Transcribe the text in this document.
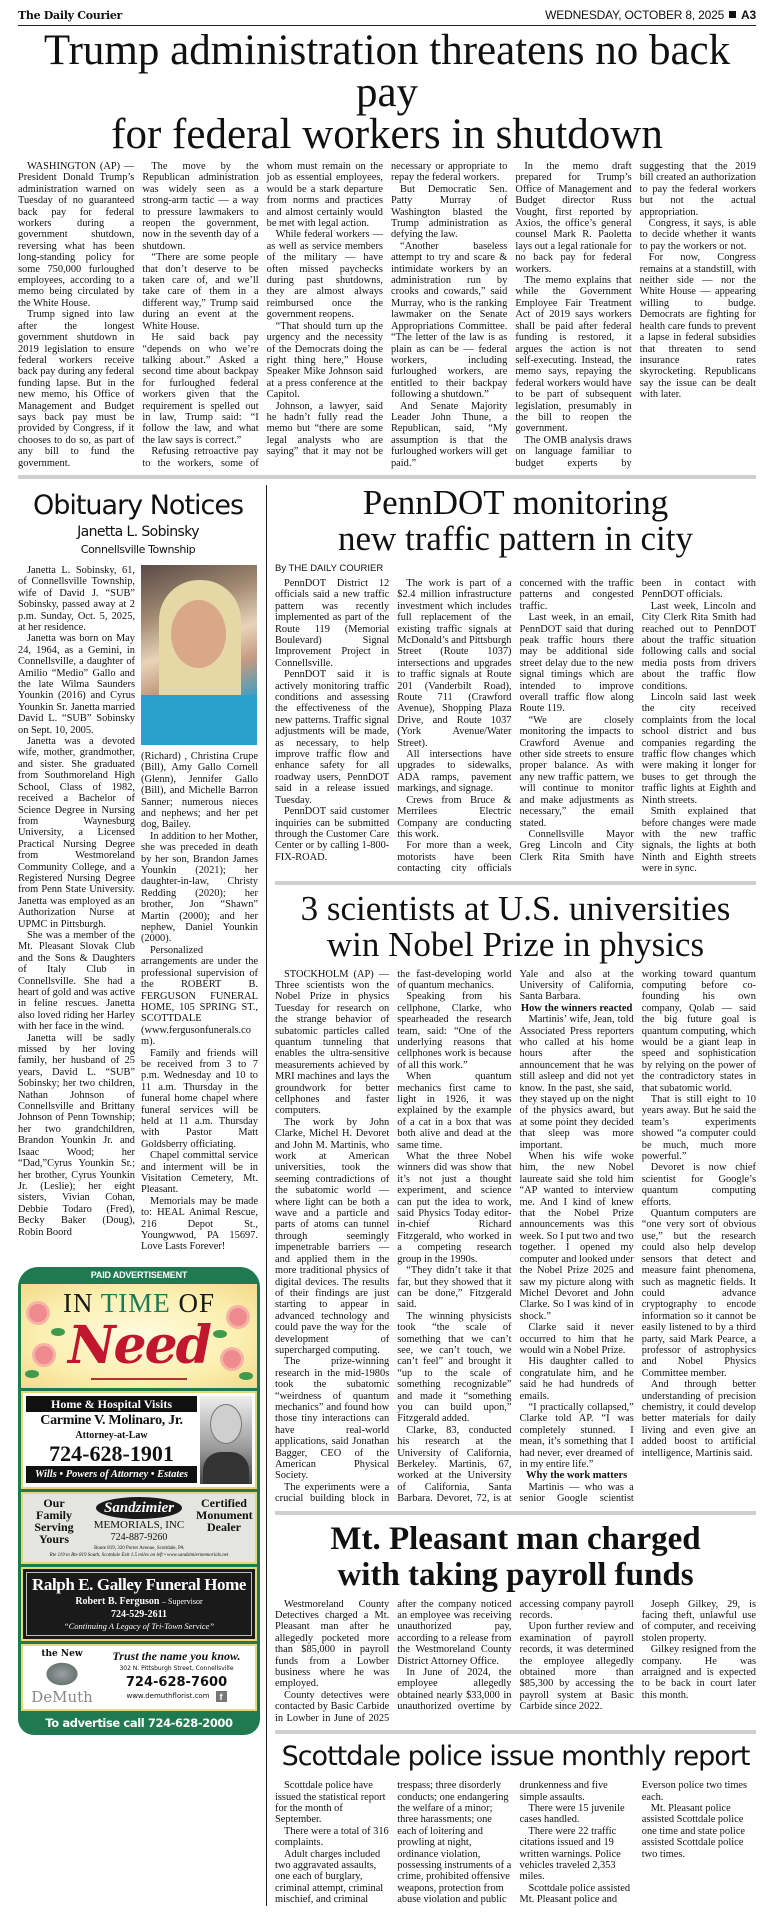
The Daily Courier	WEDNESDAY, OCTOBER 8, 2025 A3
Trump administration threatens no back pay
for federal workers in shutdown

WASHINGTON (AP) — President Donald Trump’s administration warned on Tuesday of no guaranteed back pay for federal workers during a government shutdown, reversing what has been long-standing policy for some 750,000 furloughed employees, according to a memo being circulated by the White House.

Trump signed into law after the longest government shutdown in 2019 legislation to ensure federal workers receive back pay during any federal funding lapse. But in the new memo, his Office of Management and Budget says back pay must be provided by Congress, if it chooses to do so, as part of any bill to fund the government.

The move by the Republican administration was widely seen as a strong-arm tactic — a way to pressure lawmakers to reopen the government, now in the seventh day of a shutdown.

“There are some people that don’t deserve to be taken care of, and we’ll take care of them in a different way,” Trump said during an event at the White House.

He said back pay “depends on who we’re talking about.” Asked a second time about backpay for furloughed federal workers given that the requirement is spelled out in law, Trump said: “I follow the law, and what the law says is correct.”

Refusing retroactive pay to the workers, some of whom must remain on the job as essential employees, would be a stark departure from norms and practices and almost certainly would be met with legal action.

While federal workers — as well as service members of the military — have often missed paychecks during past shutdowns, they are almost always reimbursed once the government reopens.

“That should turn up the urgency and the necessity of the Democrats doing the right thing here,” House Speaker Mike Johnson said at a press conference at the Capitol.

Johnson, a lawyer, said he hadn’t fully read the memo but “there are some legal analysts who are saying” that it may not be necessary or appropriate to repay the federal workers.

But Democratic Sen. Patty Murray of Washington blasted the Trump administration as defying the law.

“Another baseless attempt to try and scare & intimidate workers by an administration run by crooks and cowards,” said Murray, who is the ranking lawmaker on the Senate Appropriations Committee. “The letter of the law is as plain as can be — federal workers, including furloughed workers, are entitled to their backpay following a shutdown.”

And Senate Majority Leader John Thune, a Republican, said, “My assumption is that the furloughed workers will get paid.”

In the memo draft prepared for Trump’s Office of Management and Budget director Russ Vought, first reported by Axios, the office’s general counsel Mark R. Paoletta lays out a legal rationale for no back pay for federal workers.

The memo explains that while the Government Employee Fair Treatment Act of 2019 says workers shall be paid after federal funding is restored, it argues the action is not self-executing. Instead, the memo says, repaying the federal workers would have to be part of subsequent legislation, presumably in the bill to reopen the government.

The OMB analysis draws on language familiar to budget experts by suggesting that the 2019 bill created an authorization to pay the federal workers but not the actual appropriation.

Congress, it says, is able to decide whether it wants to pay the workers or not.

For now, Congress remains at a standstill, with neither side — nor the White House — appearing willing to budge. Democrats are fighting for health care funds to prevent a lapse in federal subsidies that threaten to send insurance rates skyrocketing. Republicans say the issue can be dealt with later.

Obituary Notices
Janetta L. Sobinsky
Connellsville Township

Janetta L. Sobinsky, 61, of Connellsville Township, wife of David J. “SUB” Sobinsky, passed away at 2 p.m. Sunday, Oct. 5, 2025, at her residence.

Janetta was born on May 24, 1964, as a Gemini, in Connellsville, a daughter of Amilio “Medio” Gallo and the late Wilma Saunders Younkin (2016) and Cyrus Younkin Sr. Janetta married David L. “SUB” Sobinsky on Sept. 10, 2005.

Janetta was a devoted wife, mother, grandmother, and sister. She graduated from Southmoreland High School, Class of 1982, received a Bachelor of Science Degree in Nursing from Waynesburg University, a Licensed Practical Nursing Degree from Westmoreland Community College, and a Registered Nursing Degree from Penn State University. Janetta was employed as an Authorization Nurse at UPMC in Pittsburgh.

She was a member of the Mt. Pleasant Slovak Club and the Sons & Daughters of Italy Club in Connellsville. She had a heart of gold and was active in feline rescues. Janetta also loved riding her Harley with her face in the wind.

Janetta will be sadly missed by her loving family, her husband of 25 years, David L. “SUB” Sobinsky; her two children, Nathan Johnson of Connellsville and Brittany Johnson of Penn Township; her two grandchildren, Brandon Younkin Jr. and Isaac Wood; her “Dad,”Cyrus Younkin Sr.; her brother, Cyrus Younkin Jr. (Leslie); her eight sisters, Vivian Cohan, Debbie Todaro (Fred), Becky Baker (Doug), Robin Boord

(Richard) , Christina Crupe (Bill), Amy Gallo Cornell (Glenn), Jennifer Gallo (Bill), and Michelle Barron Sanner; numerous nieces and nephews; and her pet dog, Bailey.

In addition to her Mother, she was preceded in death by her son, Brandon James Younkin (2021); her daughter-in-law, Christy Redding (2020); her brother, Jon “Shawn” Martin (2000); and her nephew, Daniel Younkin (2000).

Personalized arrangements are under the professional supervision of the ROBERT B. FERGUSON FUNERAL HOME, 105 SPRING ST., SCOTTDALE (www.fergusonfunerals.com).

Family and friends will be received from 3 to 7 p.m. Wednesday and 10 to 11 a.m. Thursday in the funeral home chapel where funeral services will be held at 11 a.m. Thursday with Pastor Matt Goldsberry officiating.

Chapel committal service and interment will be in Visitation Cemetery, Mt. Pleasant.

Memorials may be made to: HEAL Animal Rescue, 216 Depot St., Youngwwod, PA 15697. Love Lasts Forever!

PAID ADVERTISEMENT
IN TIME OF
Need
Home & Hospital Visits
Carmine V. Molinaro, Jr.
Attorney-at-Law
724-628-1901
Wills • Powers of Attorney • Estates
Our Family Serving Yours
Sandzimier
MEMORIALS, INC
724-887-9260
Certified Monument Dealer
Route 819, 320 Porter Avenue, Scottdale, PA
Rte 119 to Rte 819 South, Scottdale Exit 1.5 miles on left • www.sandzimiermemorials.net
Ralph E. Galley Funeral Home
Robert B. Ferguson – Supervisor
724-529-2611
“Continuing A Legacy of Tri-Town Service”
the New
DeMuth
Trust the name you know.
302 N. Pittsburgh Street, Connellsville
724-628-7600
www.demuthflorist.com	f
To advertise call 724-628-2000
PennDOT monitoring
new traffic pattern in city
By THE DAILY COURIER

PennDOT District 12 officials said a new traffic pattern was recently implemented as part of the Route 119 (Memorial Boulevard) Signal Improvement Project in Connellsville.

PennDOT said it is actively monitoring traffic conditions and assessing the effectiveness of the new patterns. Traffic signal adjustments will be made, as necessary, to help improve traffic flow and enhance safety for all roadway users, PennDOT said in a release issued Tuesday.

PennDOT said customer inquiries can be submitted through the Customer Care Center or by calling 1-800-FIX-ROAD.

The work is part of a $2.4 million infrastructure investment which includes full replacement of the existing traffic signals at McDonald’s and Pittsburgh Street (Route 1037) intersections and upgrades to traffic signals at Route 201 (Vanderbilt Road), Route 711 (Crawford Avenue), Shopping Plaza Drive, and Route 1037 (York Avenue/Water Street).

All intersections have upgrades to sidewalks, ADA ramps, pavement markings, and signage.

Crews from Bruce & Merrilees Electric Company are conducting this work.

For more than a week, motorists have been contacting city officials concerned with the traffic patterns and congested traffic.

Last week, in an email, PennDOT said that during peak traffic hours there may be additional side street delay due to the new signal timings which are intended to improve overall traffic flow along Route 119.

“We are closely monitoring the impacts to Crawford Avenue and other side streets to ensure proper balance. As with any new traffic pattern, we will continue to monitor and make adjustments as necessary,” the email stated.

Connellsville Mayor Greg Lincoln and City Clerk Rita Smith have been in contact with PennDOT officials.

Last week, Lincoln and City Clerk Rita Smith had reached out to PennDOT about the traffic situation following calls and social media posts from drivers about the traffic flow conditions.

Lincoln said last week the city received complaints from the local school district and bus companies regarding the traffic flow changes which were making it longer for buses to get through the traffic lights at Eighth and Ninth streets.

Smith explained that before changes were made with the new traffic signals, the lights at both Ninth and Eighth streets were in sync.

3 scientists at U.S. universities
win Nobel Prize in physics

STOCKHOLM (AP) — Three scientists won the Nobel Prize in physics Tuesday for research on the strange behavior of subatomic particles called quantum tunneling that enables the ultra-sensitive measurements achieved by MRI machines and lays the groundwork for better cellphones and faster computers.

The work by John Clarke, Michel H. Devoret and John M. Martinis, who work at American universities, took the seeming contradictions of the subatomic world — where light can be both a wave and a particle and parts of atoms can tunnel through seemingly impenetrable barriers — and applied them in the more traditional physics of digital devices. The results of their findings are just starting to appear in advanced technology and could pave the way for the development of supercharged computing.

The prize-winning research in the mid-1980s took the subatomic “weirdness of quantum mechanics” and found how those tiny interactions can have real-world applications, said Jonathan Bagger, CEO of the American Physical Society.

The experiments were a crucial building block in the fast-developing world of quantum mechanics.

Speaking from his cellphone, Clarke, who spearheaded the research team, said: “One of the underlying reasons that cellphones work is because of all this work.”

When quantum mechanics first came to light in 1926, it was explained by the example of a cat in a box that was both alive and dead at the same time.

What the three Nobel winners did was show that it’s not just a thought experiment, and science can put the idea to work, said Physics Today editor-in-chief Richard Fitzgerald, who worked in a competing research group in the 1990s.

“They didn’t take it that far, but they showed that it can be done,” Fitzgerald said.

The winning physicists took “the scale of something that we can’t see, we can’t touch, we can’t feel” and brought it “up to the scale of something recognizable” and made it “something you can build upon,” Fitzgerald added.

Clarke, 83, conducted his research at the University of California, Berkeley. Martinis, 67, worked at the University of California, Santa Barbara. Devoret, 72, is at Yale and also at the University of California, Santa Barbara.

How the winners reacted

Martinis’ wife, Jean, told Associated Press reporters who called at his home hours after the announcement that he was still asleep and did not yet know. In the past, she said, they stayed up on the night of the physics award, but at some point they decided that sleep was more important.

When his wife woke him, the new Nobel laureate said she told him “AP wanted to interview me. And I kind of knew that the Nobel Prize announcements was this week. So I put two and two together. I opened my computer and looked under the Nobel Prize 2025 and saw my picture along with Michel Devoret and John Clarke. So I was kind of in shock.”

Clarke said it never occurred to him that he would win a Nobel Prize.

His daughter called to congratulate him, and he said he had hundreds of emails.

“I practically collapsed,” Clarke told AP. “I was completely stunned. I mean, it’s something that I had never, ever dreamed of in my entire life.”

Why the work matters

Martinis — who was a senior Google scientist working toward quantum computing before co-founding his own company, Qolab — said the big future goal is quantum computing, which would be a giant leap in speed and sophistication by relying on the power of the contradictory states in that subatomic world.

That is still eight to 10 years away. But he said the team’s experiments showed “a computer could be much, much more powerful.”

Devoret is now chief scientist for Google’s quantum computing efforts.

Quantum computers are “one very sort of obvious use,” but the research could also help develop sensors that detect and measure faint phenomena, such as magnetic fields. It could advance cryptography to encode information so it cannot be easily listened to by a third party, said Mark Pearce, a professor of astrophysics and Nobel Physics Committee member.

And through better understanding of precision chemistry, it could develop better materials for daily living and even give an added boost to artificial intelligence, Martinis said.

Mt. Pleasant man charged
with taking payroll funds

Westmoreland County Detectives charged a Mt. Pleasant man after he allegedly pocketed more than $85,000 in payroll funds from a Lowber business where he was employed.

County detectives were contacted by Basic Carbide in Lowber in June of 2025 after the company noticed an employee was receiving unauthorized pay, according to a release from the Westmoreland County District Attorney Office.

In June of 2024, the employee allegedly obtained nearly $33,000 in unauthorized overtime by accessing company payroll records.

Upon further review and examination of payroll records, it was determined the employee allegedly obtained more than $85,300 by accessing the payroll system at Basic Carbide since 2022.

Joseph Gilkey, 29, is facing theft, unlawful use of computer, and receiving stolen property.

Gilkey resigned from the company. He was arraigned and is expected to be back in court later this month.

Scottdale police issue monthly report

Scottdale police have issued the statistical report for the month of September.

There were a total of 316 complaints.

Adult charges included two aggravated assaults, one each of burglary, criminal attempt, criminal mischief, and criminal trespass; three disorderly conducts; one endangering the welfare of a minor; three harassments; one each of loitering and prowling at night, ordinance violation, possessing instruments of a crime, prohibited offensive weapons, protection from abuse violation and public drunkenness and five simple assaults.

There were 15 juvenile cases handled.

There were 22 traffic citations issued and 19 written warnings. Police vehicles traveled 2,353 miles.

Scottdale police assisted Mt. Pleasant police and Everson police two times each.

Mt. Pleasant police assisted Scottdale police one time and state police assisted Scottdale police two times.
